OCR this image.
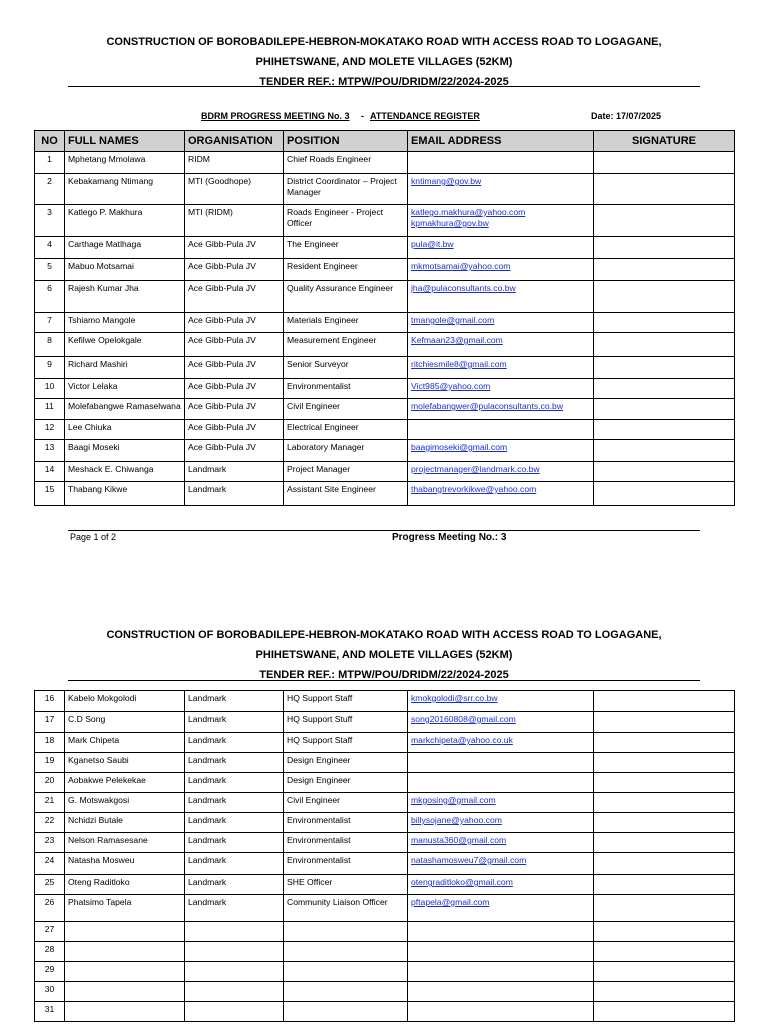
CONSTRUCTION OF BOROBADILEPE-HEBRON-MOKATAKO ROAD WITH ACCESS ROAD TO LOGAGANE,
PHIHETSWANE, AND MOLETE VILLAGES (52KM)
TENDER REF.: MTPW/POU/DRIDM/22/2024-2025
BDRM PROGRESS MEETING No. 3 - ATTENDANCE REGISTER	Date: 17/07/2025
NO	FULL NAMES	ORGANISATION	POSITION	EMAIL ADDRESS	SIGNATURE
1	Mphetang Mmolawa	RIDM	Chief Roads Engineer		
2	Kebakamang Ntimang	MTI (Goodhope)	District Coordinator – Project Manager	kntimang@gov.bw	
3	Katlego P. Makhura	MTI (RIDM)	Roads Engineer - Project Officer	katlego.makhura@yahoo.com
kpmakhura@gov.bw	
4	Carthage Matlhaga	Ace Gibb-Pula JV	The Engineer	pula@it.bw	
5	Mabuo Motsamai	Ace Gibb-Pula JV	Resident Engineer	mkmotsamai@yahoo.com	
6	Rajesh Kumar Jha	Ace Gibb-Pula JV	Quality Assurance Engineer	jha@pulaconsultants.co.bw	
7	Tshiamo Mangole	Ace Gibb-Pula JV	Materials Engineer	tmangole@gmail.com	
8	Kefilwe Opelokgale	Ace Gibb-Pula JV	Measurement Engineer	Kefmaan23@gmail.com	
9	Richard Mashiri	Ace Gibb-Pula JV	Senior Surveyor	ritchiesmile8@gmail.com	
10	Victor Lelaka	Ace Gibb-Pula JV	Environmentalist	Vict985@yahoo.com	
11	Molefabangwe Ramaselwana	Ace Gibb-Pula JV	Civil Engineer	molefabangwer@pulaconsultants.co.bw	
12	Lee Chiuka	Ace Gibb-Pula JV	Electrical Engineer		
13	Baagi Moseki	Ace Gibb-Pula JV	Laboratory Manager	baagimoseki@gmail.com	
14	Meshack E. Chiwanga	Landmark	Project Manager	projectmanager@landmark.co.bw	
15	Thabang Kikwe	Landmark	Assistant Site Engineer	thabangtrevorkikwe@yahoo.com	
Page 1 of 2	Progress Meeting No.: 3
CONSTRUCTION OF BOROBADILEPE-HEBRON-MOKATAKO ROAD WITH ACCESS ROAD TO LOGAGANE,
PHIHETSWANE, AND MOLETE VILLAGES (52KM)
TENDER REF.: MTPW/POU/DRIDM/22/2024-2025
16	Kabelo Mokgolodi	Landmark	HQ Support Staff	kmokgolodi@srr.co.bw	
17	C.D Song	Landmark	HQ Support Stuff	song20160808@gmail.com	
18	Mark Chipeta	Landmark	HQ Support Staff	markchipeta@yahoo.co.uk	
19	Kganetso Saubi	Landmark	Design Engineer		
20	Aobakwe Pelekekae	Landmark	Design Engineer		
21	G. Motswakgosi	Landmark	Civil Engineer	mkgosing@gmail.com	
22	Nchidzi Butale	Landmark	Environmentalist	billysojane@yahoo.com	
23	Nelson Ramasesane	Landmark	Environmentalist	manusta360@gmail.com	
24	Natasha Mosweu	Landmark	Environmentalist	natashamosweu7@gmail.com	
25	Oteng Raditloko	Landmark	SHE Officer	otengraditloko@gmail.com	
26	Phatsimo Tapela	Landmark	Community Liaison Officer	pftapela@gmail.com	
27					
28					
29					
30					
31					
